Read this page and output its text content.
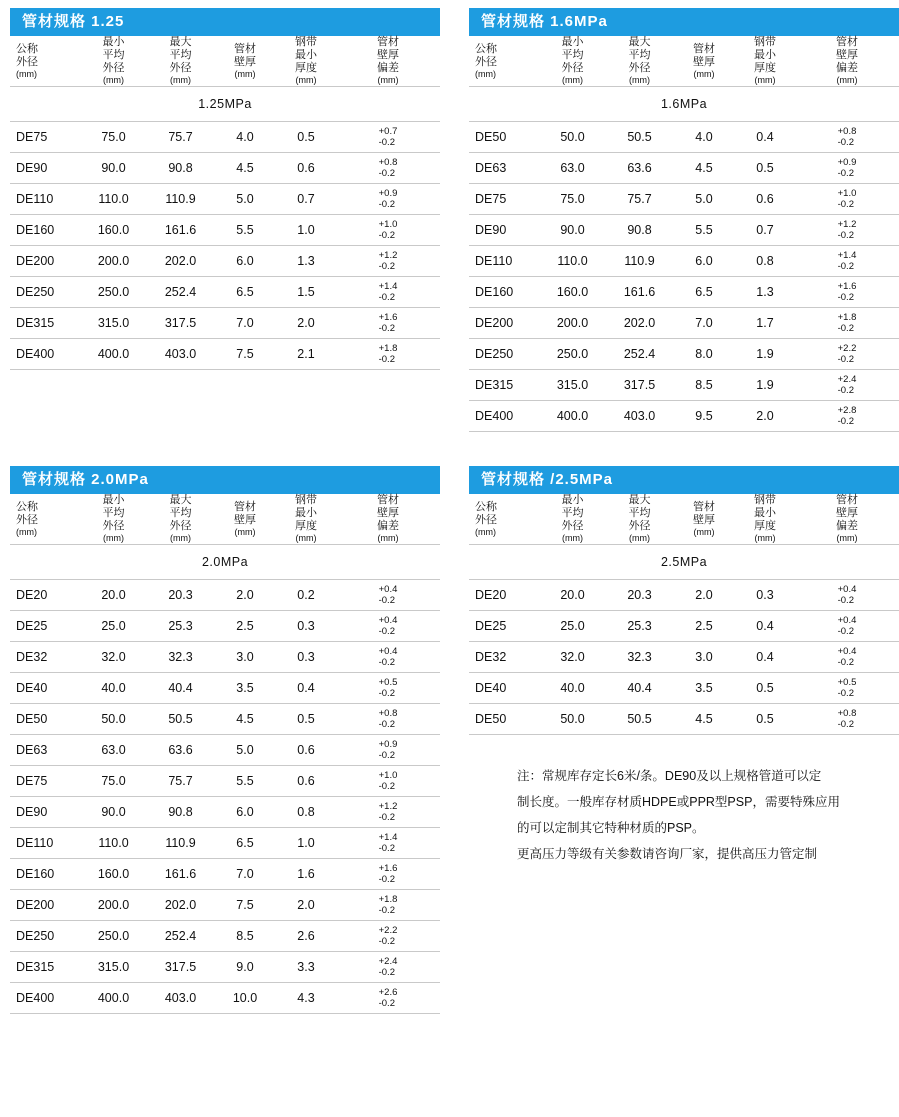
管材规格 1.25
公称
外径
(mm)	最小
平均
外径
(mm)	最大
平均
外径
(mm)	管材
壁厚
(mm)	钢带
最小
厚度
(mm)	管材
壁厚
偏差
(mm)

1.25MPa					
DE75	75.0	75.7	4.0	0.5	+0.7
-0.2

DE90	90.0	90.8	4.5	0.6	+0.8
-0.2

DE110	110.0	110.9	5.0	0.7	+0.9
-0.2

DE160	160.0	161.6	5.5	1.0	+1.0
-0.2

DE200	200.0	202.0	6.0	1.3	+1.2
-0.2

DE250	250.0	252.4	6.5	1.5	+1.4
-0.2

DE315	315.0	317.5	7.0	2.0	+1.6
-0.2

DE400	400.0	403.0	7.5	2.1	+1.8
-0.2
管材规格 1.6MPa
公称
外径
(mm)	最小
平均
外径
(mm)	最大
平均
外径
(mm)	管材
壁厚
(mm)	钢带
最小
厚度
(mm)	管材
壁厚
偏差
(mm)

1.6MPa					
DE50	50.0	50.5	4.0	0.4	+0.8
-0.2

DE63	63.0	63.6	4.5	0.5	+0.9
-0.2

DE75	75.0	75.7	5.0	0.6	+1.0
-0.2

DE90	90.0	90.8	5.5	0.7	+1.2
-0.2

DE110	110.0	110.9	6.0	0.8	+1.4
-0.2

DE160	160.0	161.6	6.5	1.3	+1.6
-0.2

DE200	200.0	202.0	7.0	1.7	+1.8
-0.2

DE250	250.0	252.4	8.0	1.9	+2.2
-0.2

DE315	315.0	317.5	8.5	1.9	+2.4
-0.2

DE400	400.0	403.0	9.5	2.0	+2.8
-0.2
管材规格 2.0MPa
公称
外径
(mm)	最小
平均
外径
(mm)	最大
平均
外径
(mm)	管材
壁厚
(mm)	钢带
最小
厚度
(mm)	管材
壁厚
偏差
(mm)

2.0MPa					
DE20	20.0	20.3	2.0	0.2	+0.4
-0.2

DE25	25.0	25.3	2.5	0.3	+0.4
-0.2

DE32	32.0	32.3	3.0	0.3	+0.4
-0.2

DE40	40.0	40.4	3.5	0.4	+0.5
-0.2

DE50	50.0	50.5	4.5	0.5	+0.8
-0.2

DE63	63.0	63.6	5.0	0.6	+0.9
-0.2

DE75	75.0	75.7	5.5	0.6	+1.0
-0.2

DE90	90.0	90.8	6.0	0.8	+1.2
-0.2

DE110	110.0	110.9	6.5	1.0	+1.4
-0.2

DE160	160.0	161.6	7.0	1.6	+1.6
-0.2

DE200	200.0	202.0	7.5	2.0	+1.8
-0.2

DE250	250.0	252.4	8.5	2.6	+2.2
-0.2

DE315	315.0	317.5	9.0	3.3	+2.4
-0.2

DE400	400.0	403.0	10.0	4.3	+2.6
-0.2
管材规格 /2.5MPa
公称
外径
(mm)	最小
平均
外径
(mm)	最大
平均
外径
(mm)	管材
壁厚
(mm)	钢带
最小
厚度
(mm)	管材
壁厚
偏差
(mm)

2.5MPa					
DE20	20.0	20.3	2.0	0.3	+0.4
-0.2

DE25	25.0	25.3	2.5	0.4	+0.4
-0.2

DE32	32.0	32.3	3.0	0.4	+0.4
-0.2

DE40	40.0	40.4	3.5	0.5	+0.5
-0.2

DE50	50.0	50.5	4.5	0.5	+0.8
-0.2

注：常规库存定长6米/条。DE90及以上规格管道可以定

制长度。一般库存材质HDPE或PPR型PSP，需要特殊应用

的可以定制其它特种材质的PSP。

更高压力等级有关参数请咨询厂家，提供高压力管定制
